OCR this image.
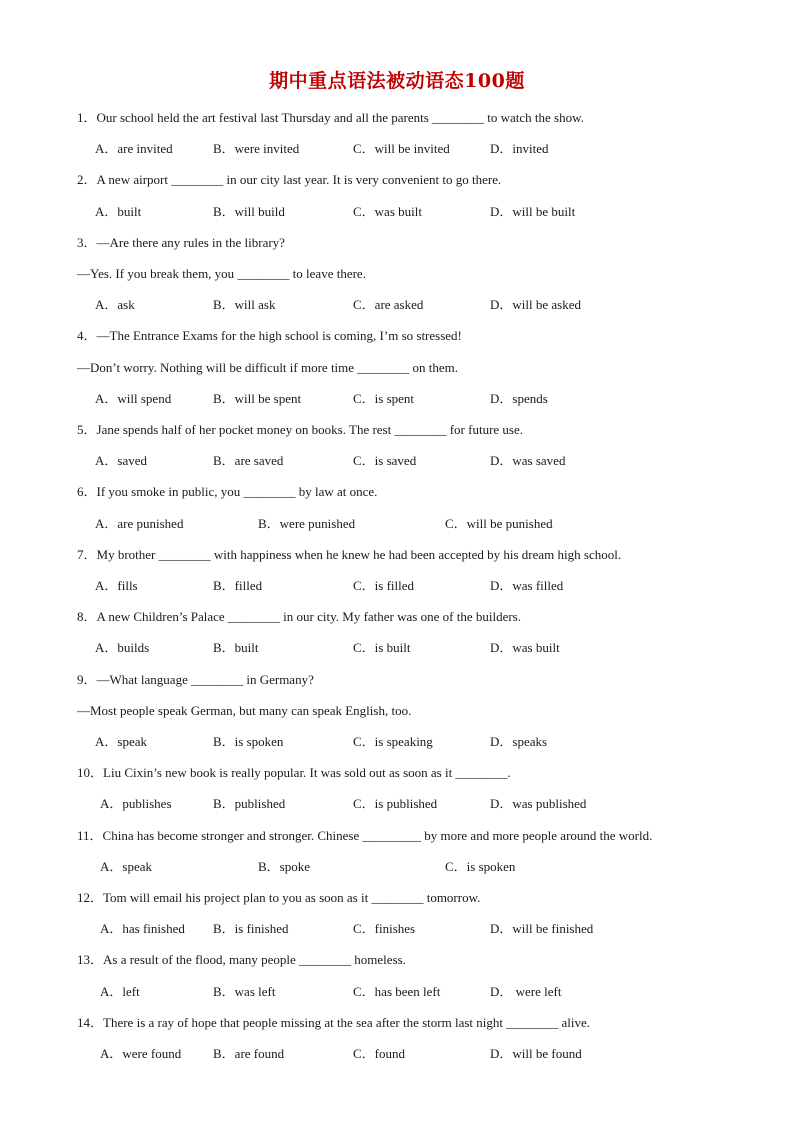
期中重点语法被动语态100题
1．Our school held the art festival last Thursday and all the parents ________ to watch the show.
A．are invited	B．were invited	C．will be invited	D．invited
2．A new airport ________ in our city last year. It is very convenient to go there.
A．built	B．will build	C．was built	D．will be built
3．—Are there any rules in the library?
—Yes. If you break them, you ________ to leave there.
A．ask	B．will ask	C．are asked	D．will be asked
4．—The Entrance Exams for the high school is coming, I’m so stressed!
—Don’t worry. Nothing will be difficult if more time ________ on them.
A．will spend	B．will be spent	C．is spent	D．spends
5．Jane spends half of her pocket money on books. The rest ________ for future use.
A．saved	B．are saved	C．is saved	D．was saved
6．If you smoke in public, you ________ by law at once.
A．are punished	B．were punished	C．will be punished
7．My brother ________ with happiness when he knew he had been accepted by his dream high school.
A．fills	B．filled	C．is filled	D．was filled
8．A new Children’s Palace ________ in our city. My father was one of the builders.
A．builds	B．built	C．is built	D．was built
9．—What language ________ in Germany?
—Most people speak German, but many can speak English, too.
A．speak	B．is spoken	C．is speaking	D．speaks
10．Liu Cixin’s new book is really popular. It was sold out as soon as it ________.
A．publishes	B．published	C．is published	D．was published
11．China has become stronger and stronger. Chinese _________ by more and more people around the world.
A．speak	B．spoke	C．is spoken
12．Tom will email his project plan to you as soon as it ________ tomorrow.
A．has finished B．is finished	C．finishes	D．will be finished
13．As a result of the flood, many people ________ homeless.
A．left	B．was left	C．has been left	D． were left
14．There is a ray of hope that people missing at the sea after the storm last night ________ alive.
A．were found B．are found	C．found	D．will be found
